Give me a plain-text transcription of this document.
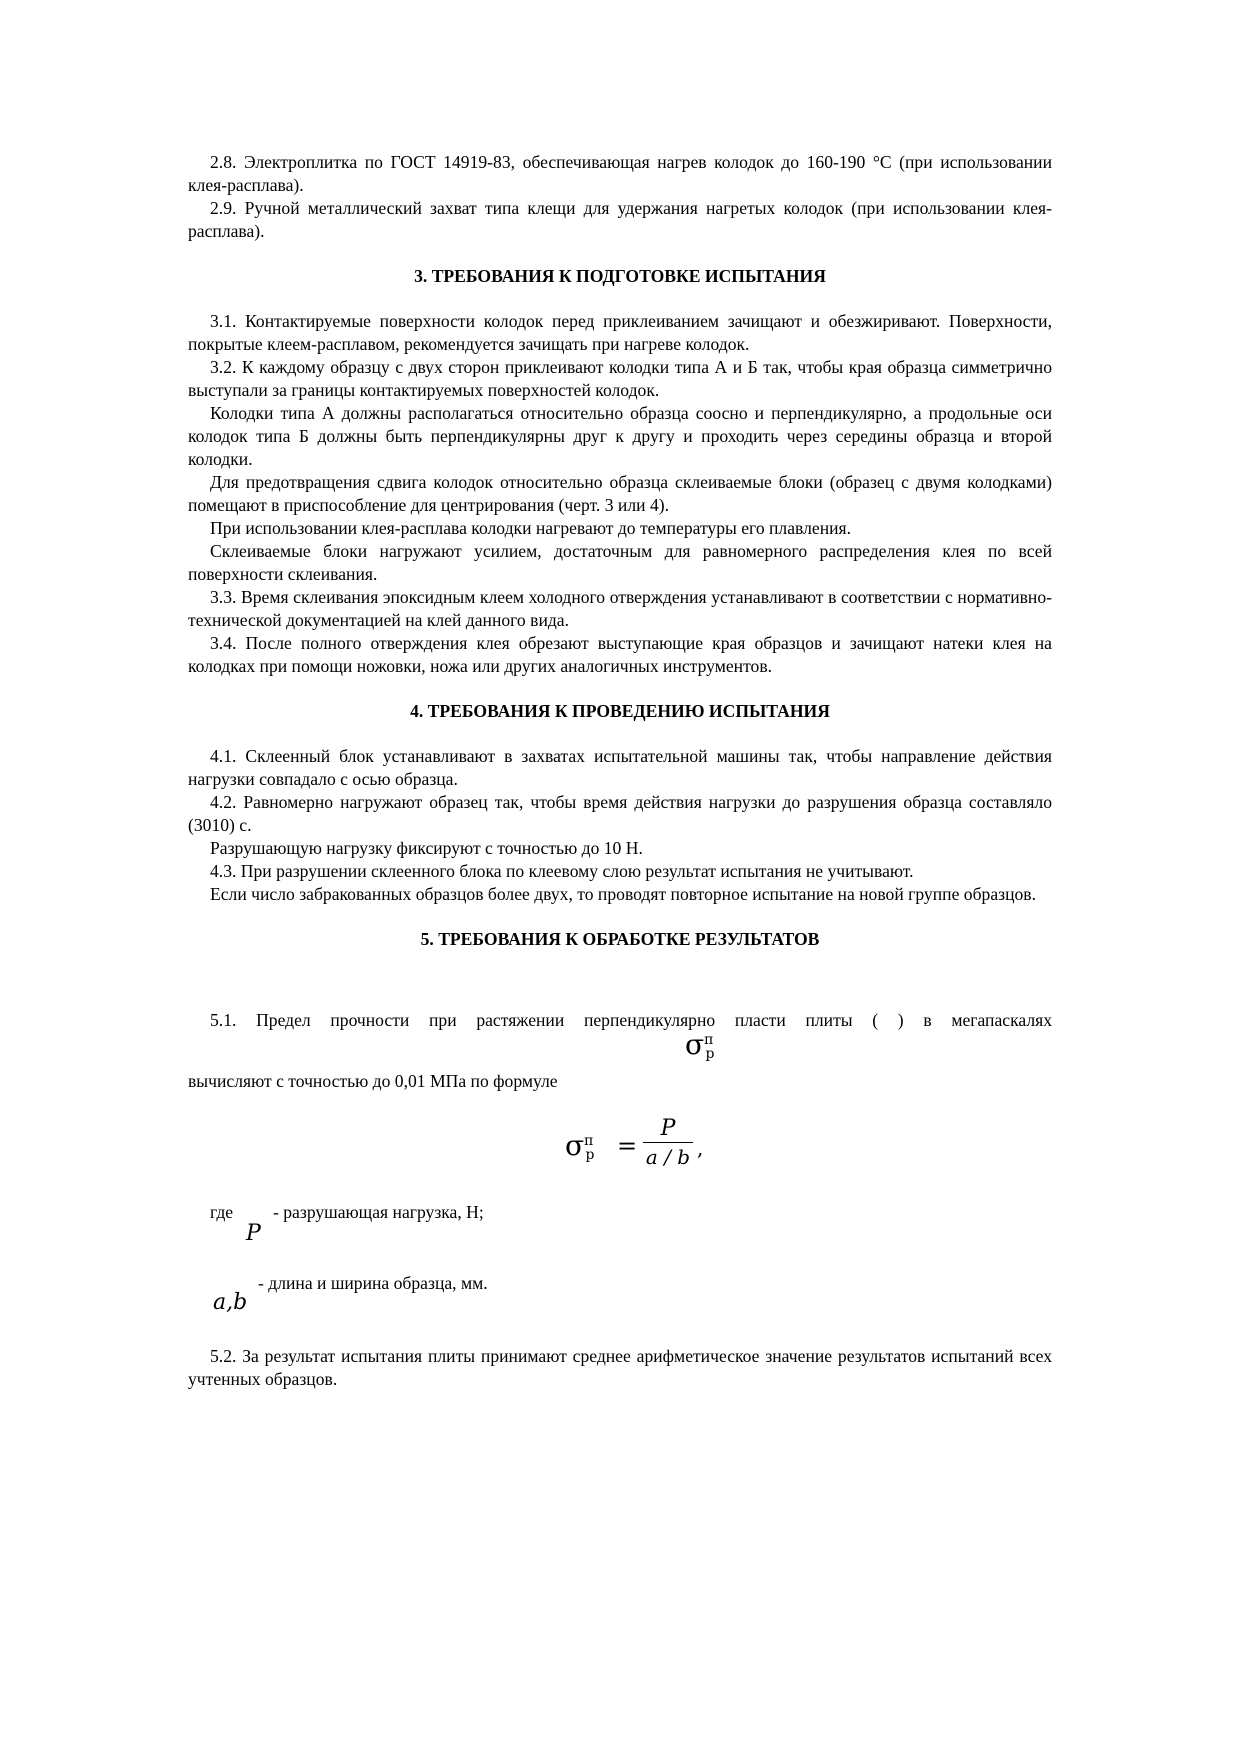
2.8. Электроплитка по ГОСТ 14919-83, обеспечивающая нагрев колодок до 160-190 °С (при использовании клея-расплава).

2.9. Ручной металлический захват типа клещи для удержания нагретых колодок (при использовании клея-расплава).

3. ТРЕБОВАНИЯ К ПОДГОТОВКЕ ИСПЫТАНИЯ

3.1. Контактируемые поверхности колодок перед приклеиванием зачищают и обезжиривают. Поверхности, покрытые клеем-расплавом, рекомендуется зачищать при нагреве колодок.

3.2. К каждому образцу с двух сторон приклеивают колодки типа А и Б так, чтобы края образца симметрично выступали за границы контактируемых поверхностей колодок.

Колодки типа А должны располагаться относительно образца соосно и перпендикулярно, а продольные оси колодок типа Б должны быть перпендикулярны друг к другу и проходить через середины образца и второй колодки.

Для предотвращения сдвига колодок относительно образца склеиваемые блоки (образец с двумя колодками) помещают в приспособление для центрирования (черт. 3 или 4).

При использовании клея-расплава колодки нагревают до температуры его плавления.

Склеиваемые блоки нагружают усилием, достаточным для равномерного распределения клея по всей поверхности склеивания.

3.3. Время склеивания эпоксидным клеем холодного отверждения устанавливают в соответствии с нормативно-технической документацией на клей данного вида.

3.4. После полного отверждения клея обрезают выступающие края образцов и зачищают натеки клея на колодках при помощи ножовки, ножа или других аналогичных инструментов.

4. ТРЕБОВАНИЯ К ПРОВЕДЕНИЮ ИСПЫТАНИЯ

4.1. Склеенный блок устанавливают в захватах испытательной машины так, чтобы направление действия нагрузки совпадало с осью образца.

4.2. Равномерно нагружают образец так, чтобы время действия нагрузки до разрушения образца составляло (3010) с.

Разрушающую нагрузку фиксируют с точностью до 10 Н.

4.3. При разрушении склеенного блока по клеевому слою результат испытания не учитывают.

Если число забракованных образцов более двух, то проводят повторное испытание на новой группе образцов.

5. ТРЕБОВАНИЯ К ОБРАБОТКЕ РЕЗУЛЬТАТОВ
5.1. Предел прочности при растяжении перпендикулярно пласти плиты ( ) в мегапаскалях
$\sigma^пр$
вычисляют с точностью до 0,01 МПа по формуле
$\sigma^пр$ =
P
a / b ,
где
P
- разрушающая нагрузка, Н;
a,b
- длина и ширина образца, мм.

5.2. За результат испытания плиты принимают среднее арифметическое значение результатов испытаний всех учтенных образцов.
